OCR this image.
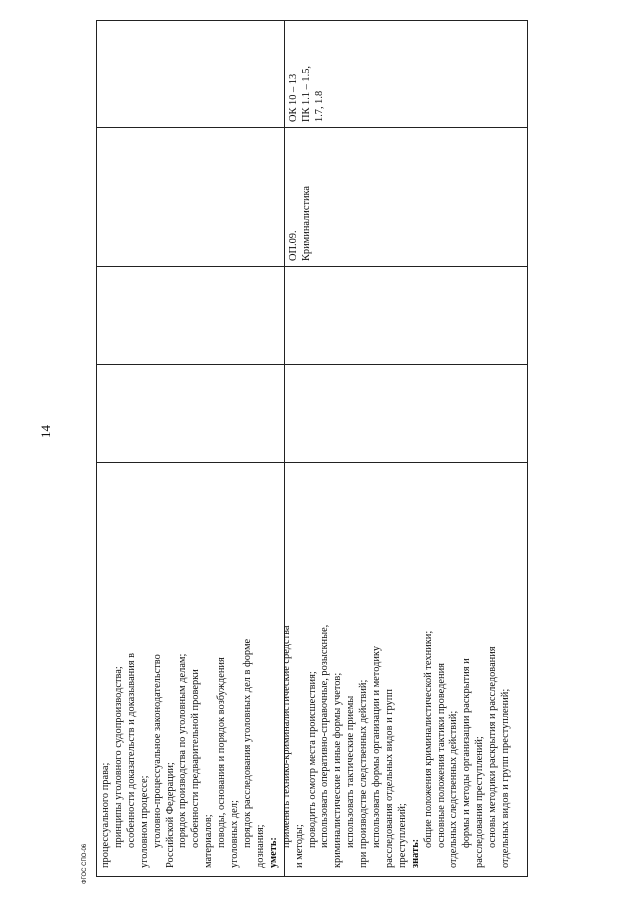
14
ФГОС СПО-06
ОК 10 – 13 ПК 1.1 – 1.5, 1.7, 1.8
ОП.09. Криминалистика
процессуального права; принципы уголовного судопроизводства; особенности доказательств и доказывания в уголовном процессе; уголовно-процессуальное законодательство Российской Федерации; порядок производства по уголовным делам; особенности предварительной проверки материалов; поводы, основания и порядок возбуждения уголовных дел; порядок расследования уголовных дел в форме дознания; уметь:
применять технико-криминалистические средства и методы; проводить осмотр места происшествия; использовать оперативно-справочные, розыскные, криминалистические и иные формы учетов; использовать тактические приемы при производстве следственных действий; использовать формы организации и методику расследования отдельных видов и групп преступлений; знать:
общие положения криминалистической техники; основные положения тактики проведения отдельных следственных действий; формы и методы организации раскрытия и расследования преступлений; основы методики раскрытия и расследования отдельных видов и групп преступлений;
